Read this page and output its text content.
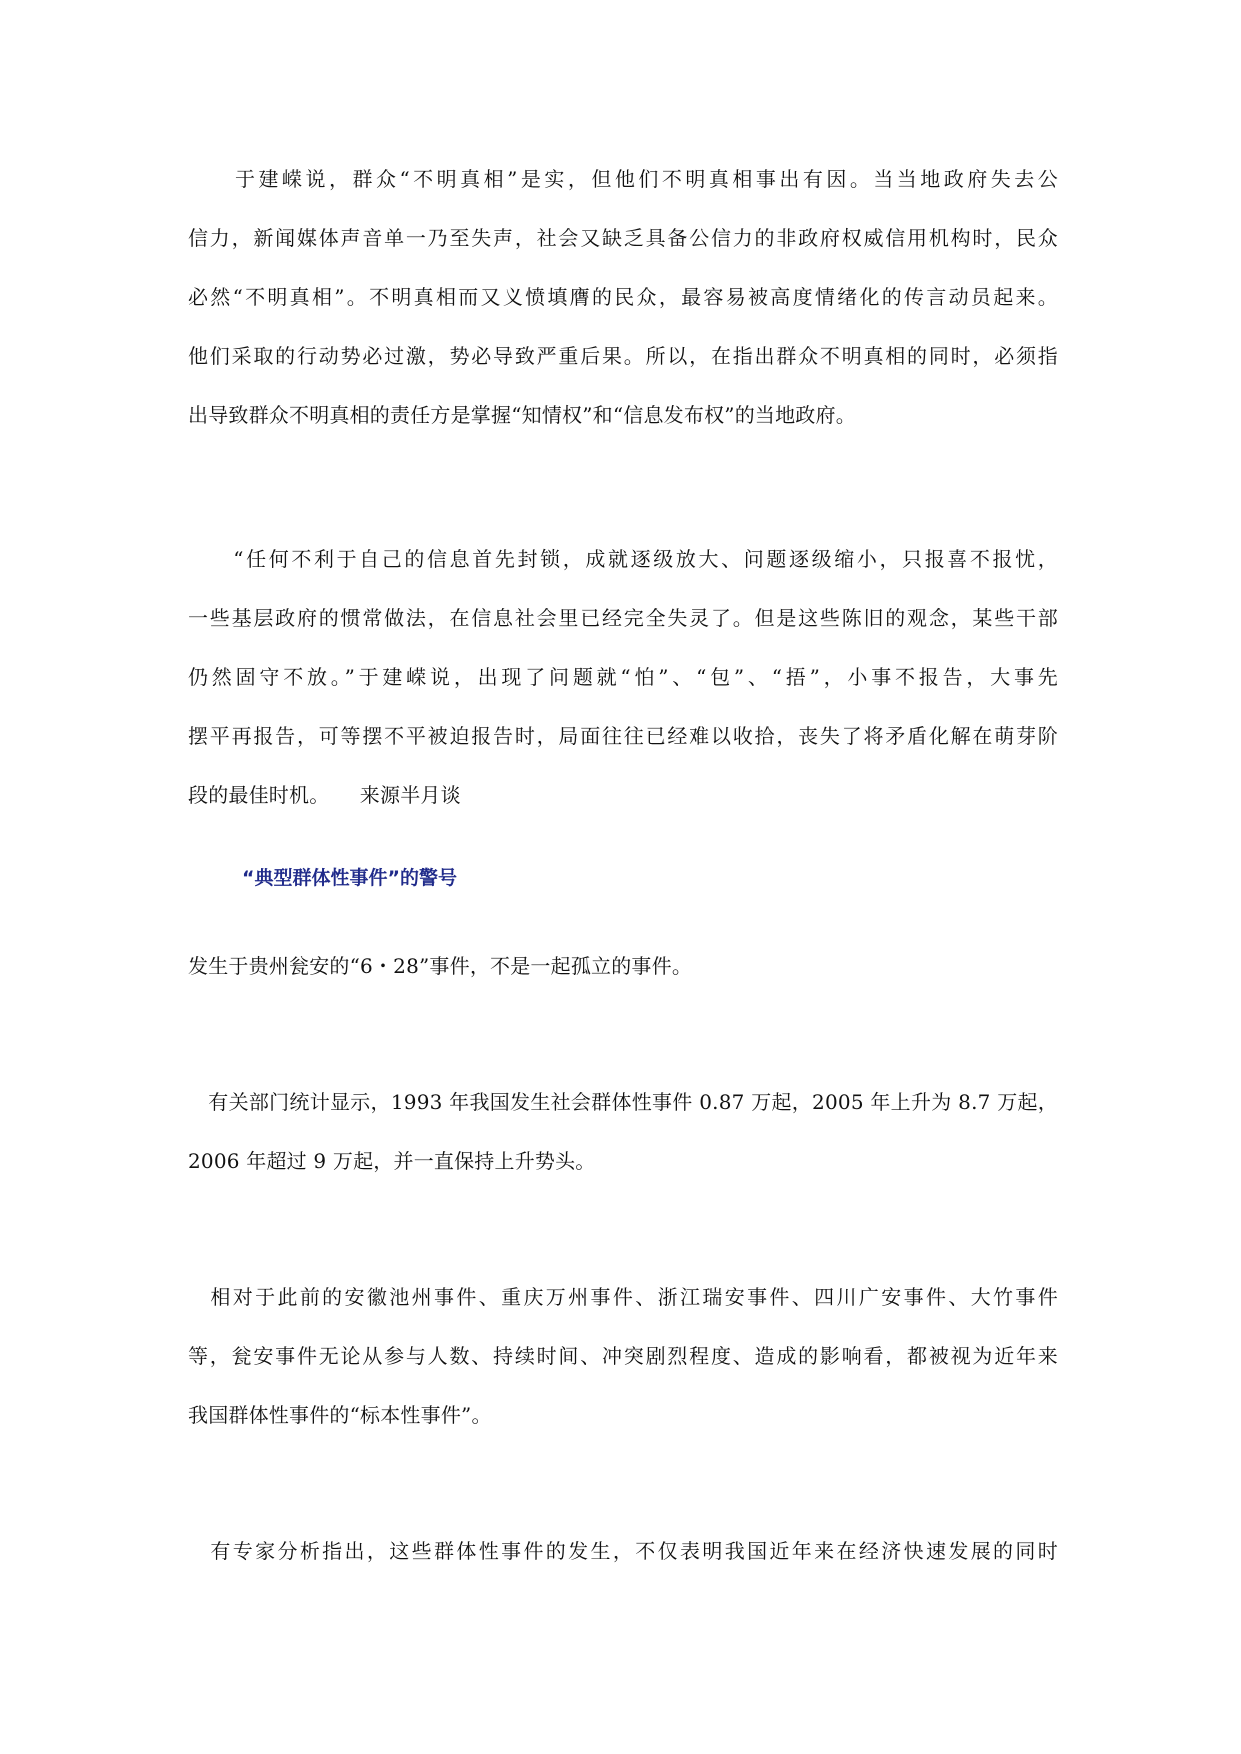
　　于建嵘说，群众“不明真相”是实，但他们不明真相事出有因。当当地政府失去公
信力，新闻媒体声音单一乃至失声，社会又缺乏具备公信力的非政府权威信用机构时，民众
必然“不明真相”。不明真相而又义愤填膺的民众，最容易被高度情绪化的传言动员起来。
他们采取的行动势必过激，势必导致严重后果。所以，在指出群众不明真相的同时，必须指
出导致群众不明真相的责任方是掌握“知情权”和“信息发布权”的当地政府。
　　“任何不利于自己的信息首先封锁，成就逐级放大、问题逐级缩小，只报喜不报忧，
一些基层政府的惯常做法，在信息社会里已经完全失灵了。但是这些陈旧的观念，某些干部
仍然固守不放。”于建嵘说，出现了问题就“怕”、“包”、“捂”，小事不报告，大事先
摆平再报告，可等摆不平被迫报告时，局面往往已经难以收拾，丧失了将矛盾化解在萌芽阶
段的最佳时机。　　来源半月谈
“典型群体性事件”的警号
发生于贵州瓮安的“6・28”事件，不是一起孤立的事件。
　有关部门统计显示，1993 年我国发生社会群体性事件 0.87 万起，2005 年上升为 8.7 万起，
2006 年超过 9 万起，并一直保持上升势头。
　相对于此前的安徽池州事件、重庆万州事件、浙江瑞安事件、四川广安事件、大竹事件
等，瓮安事件无论从参与人数、持续时间、冲突剧烈程度、造成的影响看，都被视为近年来
我国群体性事件的“标本性事件”。
　有专家分析指出，这些群体性事件的发生，不仅表明我国近年来在经济快速发展的同时
